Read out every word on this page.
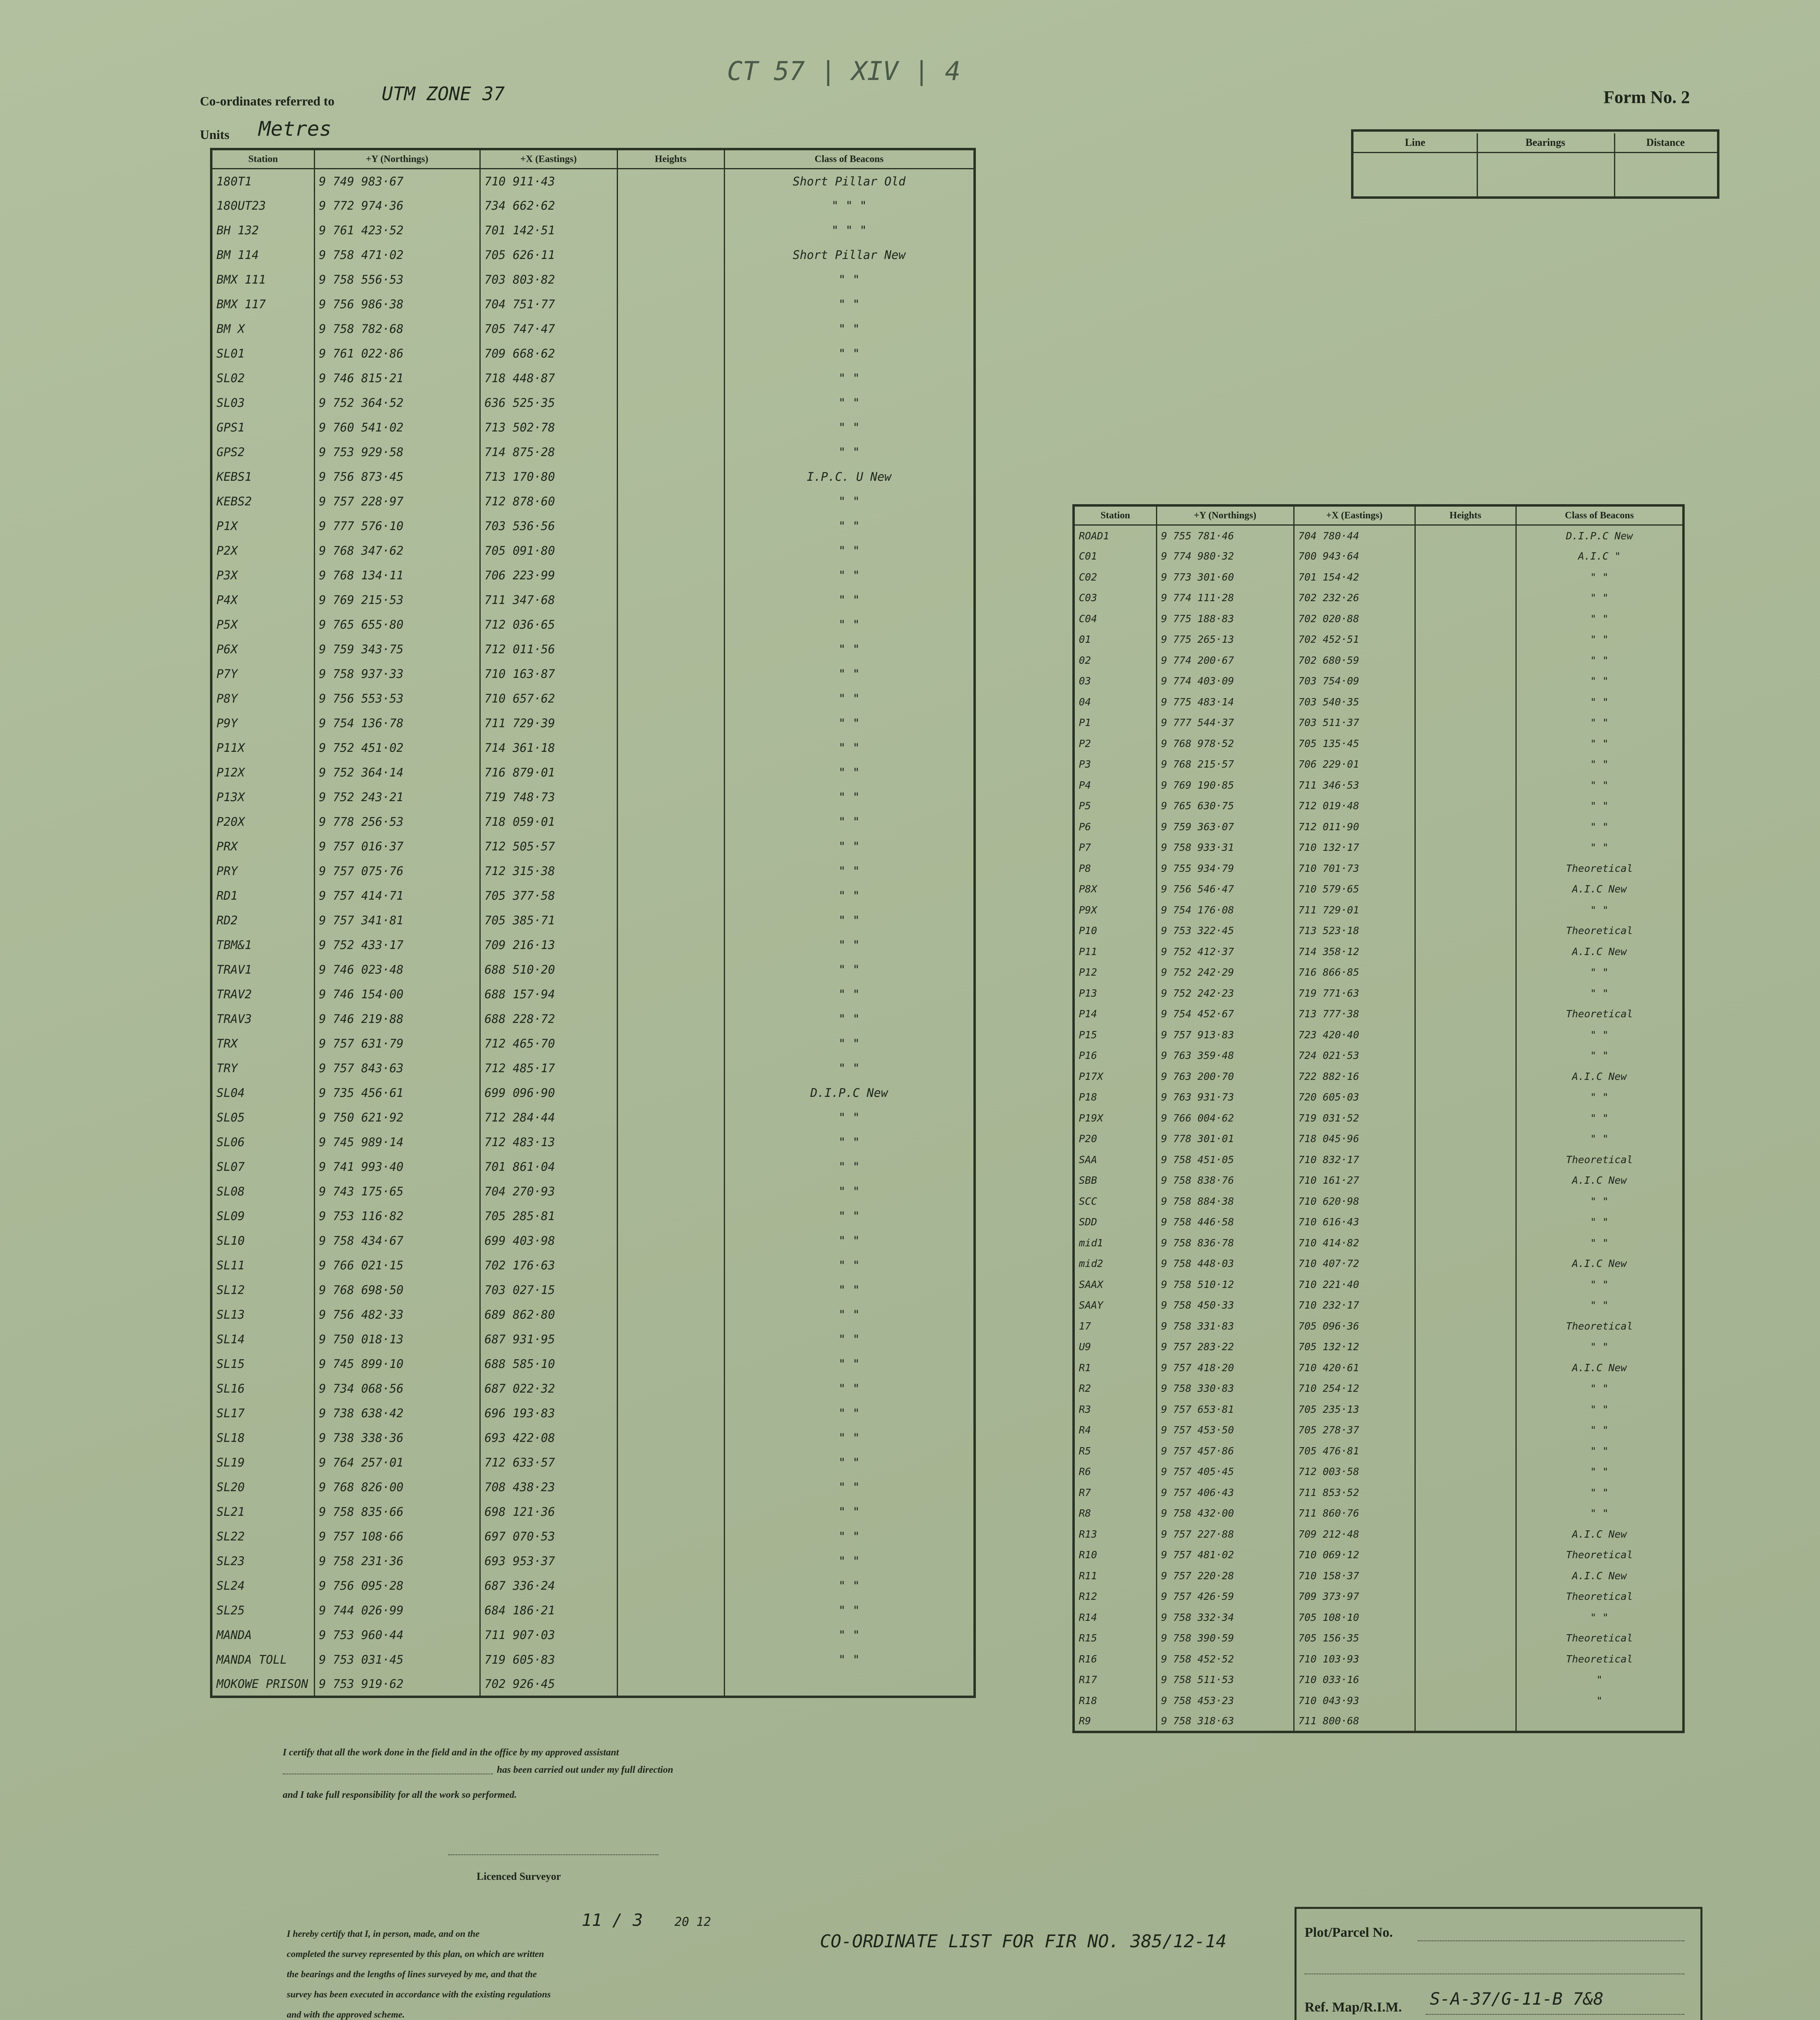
CT 57 | XIV | 4
Co-ordinates referred to	UTM ZONE 37
Units Metres
Form No. 2
Line	Bearings	Distance
Station	+Y (Northings)	+X (Eastings)	Heights	Class of Beacons
180T1	9 749 983·67	710 911·43		Short Pillar Old
180UT23	9 772 974·36	734 662·62		" " "
BH 132	9 761 423·52	701 142·51		" " "
BM 114	9 758 471·02	705 626·11		Short Pillar New
BMX 111	9 758 556·53	703 803·82		" "
BMX 117	9 756 986·38	704 751·77		" "
BM X	9 758 782·68	705 747·47		" "
SL01	9 761 022·86	709 668·62		" "
SL02	9 746 815·21	718 448·87		" "
SL03	9 752 364·52	636 525·35		" "
GPS1	9 760 541·02	713 502·78		" "
GPS2	9 753 929·58	714 875·28		" "
KEBS1	9 756 873·45	713 170·80		I.P.C. U New
KEBS2	9 757 228·97	712 878·60		" "
P1X	9 777 576·10	703 536·56		" "
P2X	9 768 347·62	705 091·80		" "
P3X	9 768 134·11	706 223·99		" "
P4X	9 769 215·53	711 347·68		" "
P5X	9 765 655·80	712 036·65		" "
P6X	9 759 343·75	712 011·56		" "
P7Y	9 758 937·33	710 163·87		" "
P8Y	9 756 553·53	710 657·62		" "
P9Y	9 754 136·78	711 729·39		" "
P11X	9 752 451·02	714 361·18		" "
P12X	9 752 364·14	716 879·01		" "
P13X	9 752 243·21	719 748·73		" "
P20X	9 778 256·53	718 059·01		" "
PRX	9 757 016·37	712 505·57		" "
PRY	9 757 075·76	712 315·38		" "
RD1	9 757 414·71	705 377·58		" "
RD2	9 757 341·81	705 385·71		" "
TBM&1	9 752 433·17	709 216·13		" "
TRAV1	9 746 023·48	688 510·20		" "
TRAV2	9 746 154·00	688 157·94		" "
TRAV3	9 746 219·88	688 228·72		" "
TRX	9 757 631·79	712 465·70		" "
TRY	9 757 843·63	712 485·17		" "
SL04	9 735 456·61	699 096·90		D.I.P.C New
SL05	9 750 621·92	712 284·44		" "
SL06	9 745 989·14	712 483·13		" "
SL07	9 741 993·40	701 861·04		" "
SL08	9 743 175·65	704 270·93		" "
SL09	9 753 116·82	705 285·81		" "
SL10	9 758 434·67	699 403·98		" "
SL11	9 766 021·15	702 176·63		" "
SL12	9 768 698·50	703 027·15		" "
SL13	9 756 482·33	689 862·80		" "
SL14	9 750 018·13	687 931·95		" "
SL15	9 745 899·10	688 585·10		" "
SL16	9 734 068·56	687 022·32		" "
SL17	9 738 638·42	696 193·83		" "
SL18	9 738 338·36	693 422·08		" "
SL19	9 764 257·01	712 633·57		" "
SL20	9 768 826·00	708 438·23		" "
SL21	9 758 835·66	698 121·36		" "
SL22	9 757 108·66	697 070·53		" "
SL23	9 758 231·36	693 953·37		" "
SL24	9 756 095·28	687 336·24		" "
SL25	9 744 026·99	684 186·21		" "
MANDA	9 753 960·44	711 907·03		" "
MANDA TOLL	9 753 031·45	719 605·83		" "
MOKOWE PRISON	9 753 919·62	702 926·45		
Station	+Y (Northings)	+X (Eastings)	Heights	Class of Beacons
ROAD1	9 755 781·46	704 780·44		D.I.P.C New
C01	9 774 980·32	700 943·64		A.I.C "
C02	9 773 301·60	701 154·42		" "
C03	9 774 111·28	702 232·26		" "
C04	9 775 188·83	702 020·88		" "
01	9 775 265·13	702 452·51		" "
02	9 774 200·67	702 680·59		" "
03	9 774 403·09	703 754·09		" "
04	9 775 483·14	703 540·35		" "
P1	9 777 544·37	703 511·37		" "
P2	9 768 978·52	705 135·45		" "
P3	9 768 215·57	706 229·01		" "
P4	9 769 190·85	711 346·53		" "
P5	9 765 630·75	712 019·48		" "
P6	9 759 363·07	712 011·90		" "
P7	9 758 933·31	710 132·17		" "
P8	9 755 934·79	710 701·73		Theoretical
P8X	9 756 546·47	710 579·65		A.I.C New
P9X	9 754 176·08	711 729·01		" "
P10	9 753 322·45	713 523·18		Theoretical
P11	9 752 412·37	714 358·12		A.I.C New
P12	9 752 242·29	716 866·85		" "
P13	9 752 242·23	719 771·63		" "
P14	9 754 452·67	713 777·38		Theoretical
P15	9 757 913·83	723 420·40		" "
P16	9 763 359·48	724 021·53		" "
P17X	9 763 200·70	722 882·16		A.I.C New
P18	9 763 931·73	720 605·03		" "
P19X	9 766 004·62	719 031·52		" "
P20	9 778 301·01	718 045·96		" "
SAA	9 758 451·05	710 832·17		Theoretical
SBB	9 758 838·76	710 161·27		A.I.C New
SCC	9 758 884·38	710 620·98		" "
SDD	9 758 446·58	710 616·43		" "
mid1	9 758 836·78	710 414·82		" "
mid2	9 758 448·03	710 407·72		A.I.C New
SAAX	9 758 510·12	710 221·40		" "
SAAY	9 758 450·33	710 232·17		" "
17	9 758 331·83	705 096·36		Theoretical
U9	9 757 283·22	705 132·12		" "
R1	9 757 418·20	710 420·61		A.I.C New
R2	9 758 330·83	710 254·12		" "
R3	9 757 653·81	705 235·13		" "
R4	9 757 453·50	705 278·37		" "
R5	9 757 457·86	705 476·81		" "
R6	9 757 405·45	712 003·58		" "
R7	9 757 406·43	711 853·52		" "
R8	9 758 432·00	711 860·76		" "
R13	9 757 227·88	709 212·48		A.I.C New
R10	9 757 481·02	710 069·12		Theoretical
R11	9 757 220·28	710 158·37		A.I.C New
R12	9 757 426·59	709 373·97		Theoretical
R14	9 758 332·34	705 108·10		" "
R15	9 758 390·59	705 156·35		Theoretical
R16	9 758 452·52	710 103·93		Theoretical
R17	9 758 511·53	710 033·16		"
R18	9 758 453·23	710 043·93		"
R9	9 758 318·63	711 800·68		
I certify that all the work done in the field and in the office by my approved assistant
has been carried out under my full direction
and I take full responsibility for all the work so performed.
Licenced Surveyor
I hereby certify that I, in person, made, and on the
completed the survey represented by this plan, on which are written
the bearings and the lengths of lines surveyed by me, and that the
survey has been executed in accordance with the existing regulations
and with the approved scheme.
11 / 3	20 12
CO-ORDINATE LIST FOR FIR NO. 385/12-14	Plot/Parcel No.
Ref. Map/R.I.M. S-A-37/G-11-B 7&8
